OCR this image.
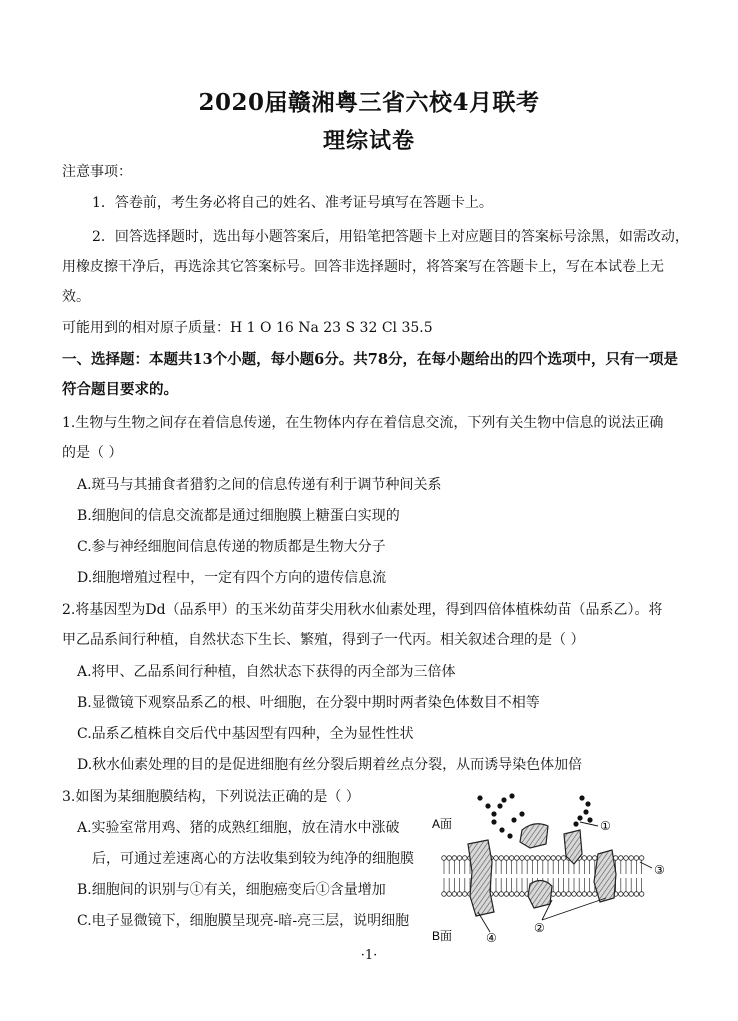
2020届赣湘粤三省六校4月联考
理综试卷
注意事项：
1．答卷前，考生务必将自己的姓名、准考证号填写在答题卡上。
2．回答选择题时，选出每小题答案后，用铅笔把答题卡上对应题目的答案标号涂黑，如需改动，
用橡皮擦干净后，再选涂其它答案标号。回答非选择题时，将答案写在答题卡上，写在本试卷上无
效。
可能用到的相对原子质量：H 1 O 16 Na 23 S 32 Cl 35.5
一、选择题：本题共13个小题，每小题6分。共78分，在每小题给出的四个选项中，只有一项是
符合题目要求的。
1.生物与生物之间存在着信息传递，在生物体内存在着信息交流，下列有关生物中信息的说法正确
的是（ ）
A.斑马与其捕食者猎豹之间的信息传递有利于调节种间关系
B.细胞间的信息交流都是通过细胞膜上糖蛋白实现的
C.参与神经细胞间信息传递的物质都是生物大分子
D.细胞增殖过程中，一定有四个方向的遗传信息流
2.将基因型为Dd（品系甲）的玉米幼苗芽尖用秋水仙素处理，得到四倍体植株幼苗（品系乙）。将
甲乙品系间行种植，自然状态下生长、繁殖，得到子一代丙。相关叙述合理的是（ ）
A.将甲、乙品系间行种植，自然状态下获得的丙全部为三倍体
B.显微镜下观察品系乙的根、叶细胞，在分裂中期时两者染色体数目不相等
C.品系乙植株自交后代中基因型有四种，全为显性性状
D.秋水仙素处理的目的是促进细胞有丝分裂后期着丝点分裂，从而诱导染色体加倍
3.如图为某细胞膜结构，下列说法正确的是（ ）
A.实验室常用鸡、猪的成熟红细胞，放在清水中涨破
后，可通过差速离心的方法收集到较为纯净的细胞膜
B.细胞间的识别与①有关，细胞癌变后①含量增加
C.电子显微镜下，细胞膜呈现亮-暗-亮三层，说明细胞
A面
B面
①
②
③
④
·1·
